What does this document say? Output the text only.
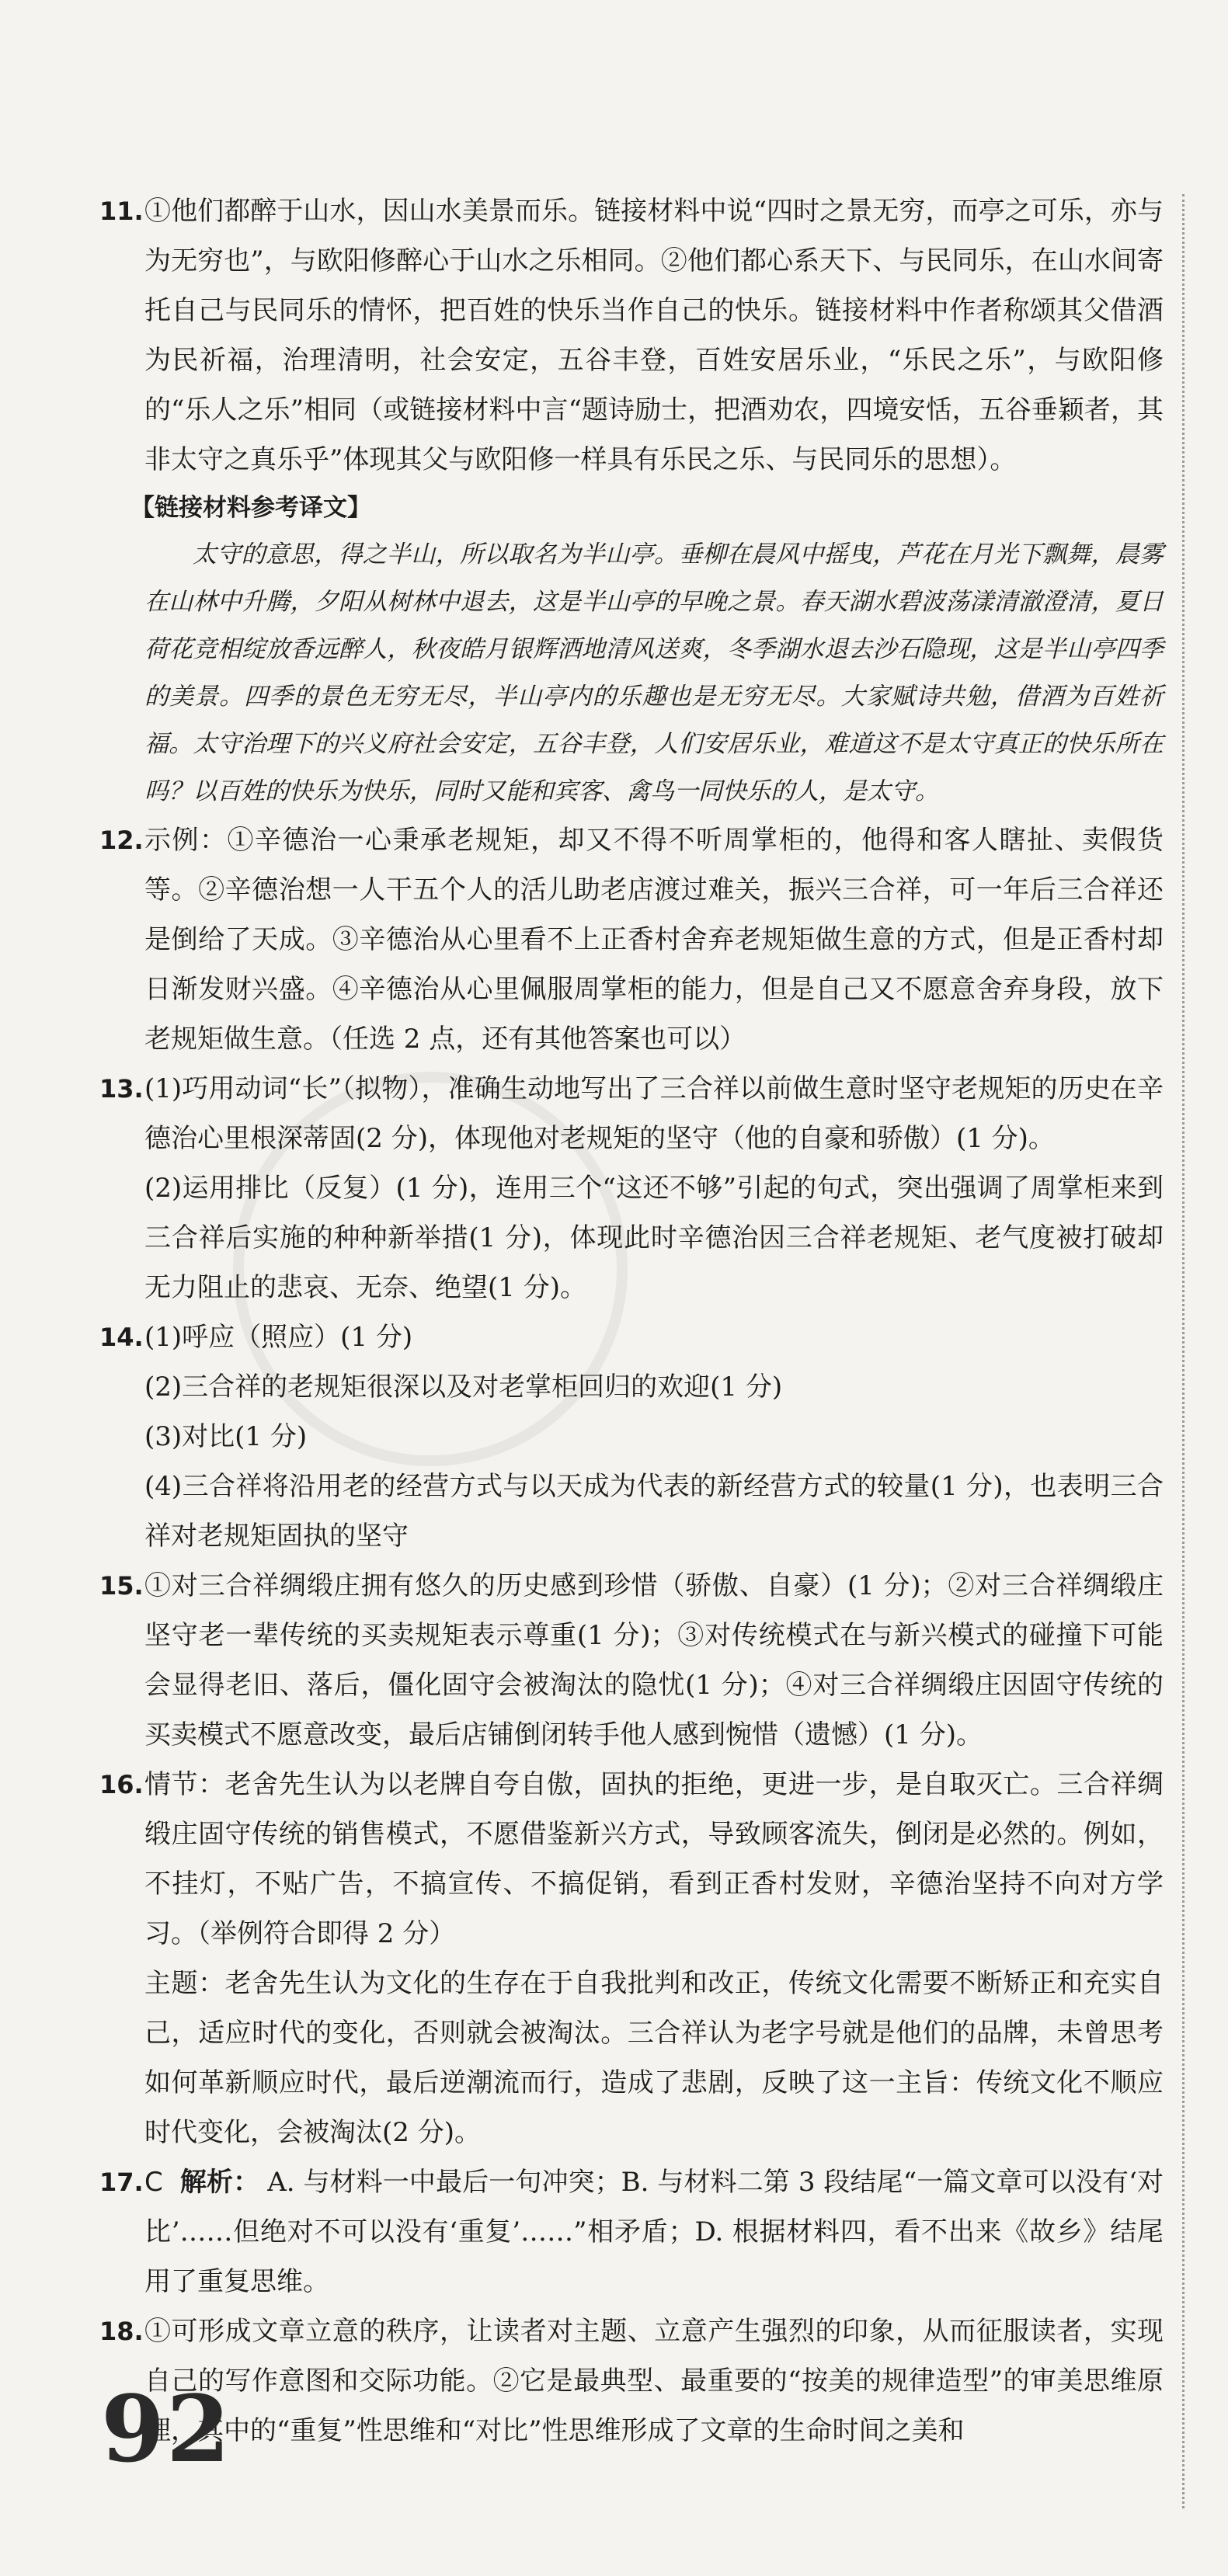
11. ①他们都醉于山水，因山水美景而乐。链接材料中说“四时之景无穷，而亭之可乐，亦与为无穷也”，与欧阳修醉心于山水之乐相同。②他们都心系天下、与民同乐，在山水间寄托自己与民同乐的情怀，把百姓的快乐当作自己的快乐。链接材料中作者称颂其父借酒为民祈福，治理清明，社会安定，五谷丰登，百姓安居乐业，“乐民之乐”，与欧阳修的“乐人之乐”相同（或链接材料中言“题诗励士，把酒劝农，四境安恬，五谷垂颖者，其非太守之真乐乎”体现其父与欧阳修一样具有乐民之乐、与民同乐的思想）。
【链接材料参考译文】
太守的意思，得之半山，所以取名为半山亭。垂柳在晨风中摇曳，芦花在月光下飘舞，晨雾在山林中升腾，夕阳从树林中退去，这是半山亭的早晚之景。春天湖水碧波荡漾清澈澄清，夏日荷花竞相绽放香远醉人，秋夜皓月银辉洒地清风送爽，冬季湖水退去沙石隐现，这是半山亭四季的美景。四季的景色无穷无尽，半山亭内的乐趣也是无穷无尽。大家赋诗共勉，借酒为百姓祈福。太守治理下的兴义府社会安定，五谷丰登，人们安居乐业，难道这不是太守真正的快乐所在吗？以百姓的快乐为快乐，同时又能和宾客、禽鸟一同快乐的人，是太守。
12. 示例：①辛德治一心秉承老规矩，却又不得不听周掌柜的，他得和客人瞎扯、卖假货等。②辛德治想一人干五个人的活儿助老店渡过难关，振兴三合祥，可一年后三合祥还是倒给了天成。③辛德治从心里看不上正香村舍弃老规矩做生意的方式，但是正香村却日渐发财兴盛。④辛德治从心里佩服周掌柜的能力，但是自己又不愿意舍弃身段，放下老规矩做生意。（任选 2 点，还有其他答案也可以）
13. (1)巧用动词“长”（拟物），准确生动地写出了三合祥以前做生意时坚守老规矩的历史在辛德治心里根深蒂固(2 分)，体现他对老规矩的坚守（他的自豪和骄傲）(1 分)。
(2)运用排比（反复）(1 分)，连用三个“这还不够”引起的句式，突出强调了周掌柜来到三合祥后实施的种种新举措(1 分)，体现此时辛德治因三合祥老规矩、老气度被打破却无力阻止的悲哀、无奈、绝望(1 分)。
14. (1)呼应（照应）(1 分)
(2)三合祥的老规矩很深以及对老掌柜回归的欢迎(1 分)
(3)对比(1 分)
(4)三合祥将沿用老的经营方式与以天成为代表的新经营方式的较量(1 分)，也表明三合祥对老规矩固执的坚守
15. ①对三合祥绸缎庄拥有悠久的历史感到珍惜（骄傲、自豪）(1 分)；②对三合祥绸缎庄坚守老一辈传统的买卖规矩表示尊重(1 分)；③对传统模式在与新兴模式的碰撞下可能会显得老旧、落后，僵化固守会被淘汰的隐忧(1 分)；④对三合祥绸缎庄因固守传统的买卖模式不愿意改变，最后店铺倒闭转手他人感到惋惜（遗憾）(1 分)。
16. 情节：老舍先生认为以老牌自夸自傲，固执的拒绝，更进一步，是自取灭亡。三合祥绸缎庄固守传统的销售模式，不愿借鉴新兴方式，导致顾客流失，倒闭是必然的。例如，不挂灯，不贴广告，不搞宣传、不搞促销，看到正香村发财，辛德治坚持不向对方学习。（举例符合即得 2 分）
主题：老舍先生认为文化的生存在于自我批判和改正，传统文化需要不断矫正和充实自己，适应时代的变化，否则就会被淘汰。三合祥认为老字号就是他们的品牌，未曾思考如何革新顺应时代，最后逆潮流而行，造成了悲剧，反映了这一主旨：传统文化不顺应时代变化，会被淘汰(2 分)。
17. C 解析： A. 与材料一中最后一句冲突；B. 与材料二第 3 段结尾“一篇文章可以没有‘对比’……但绝对不可以没有‘重复’……”相矛盾；D. 根据材料四，看不出来《故乡》结尾用了重复思维。
18. ①可形成文章立意的秩序，让读者对主题、立意产生强烈的印象，从而征服读者，实现自己的写作意图和交际功能。②它是最典型、最重要的“按美的规律造型”的审美思维原理，其中的“重复”性思维和“对比”性思维形成了文章的生命时间之美和
92
